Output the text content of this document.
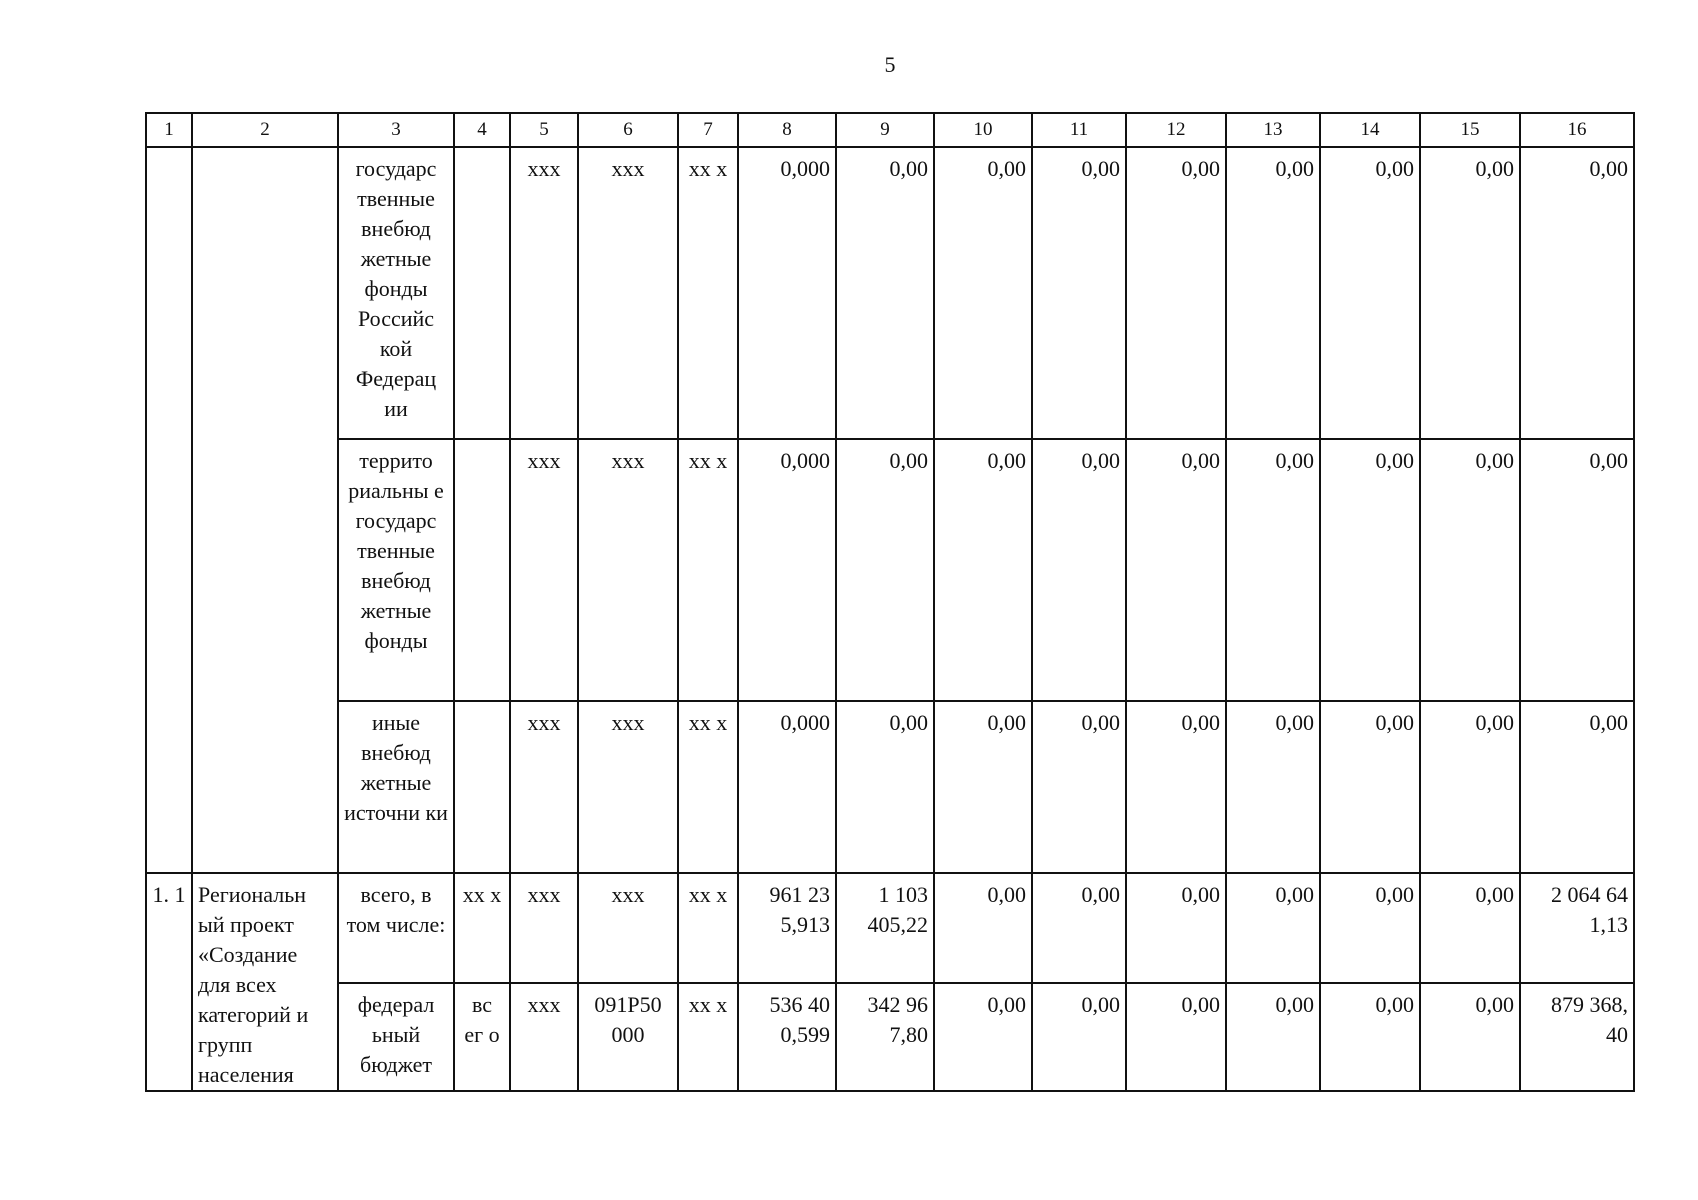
5
1	2	3	4	5	6	7	8	9	10	11	12	13	14	15	16
		государс твенные внебюд жетные фонды Российс кой Федерац ии		xxx	xxx	xx x	0,000	0,00	0,00	0,00	0,00	0,00	0,00	0,00	0,00
		террито риальны е государс твенные внебюд жетные фонды		xxx	xxx	xx x	0,000	0,00	0,00	0,00	0,00	0,00	0,00	0,00	0,00
		иные внебюд жетные источни ки		xxx	xxx	xx x	0,000	0,00	0,00	0,00	0,00	0,00	0,00	0,00	0,00
1. 1	Региональн ый проект «Создание для всех категорий и групп населения	всего, в том числе:	xx x	xxx	xxx	xx x	961 23 5,913	1 103 405,22	0,00	0,00	0,00	0,00	0,00	0,00	2 064 64 1,13
		федерал ьный бюджет	вс ег о	xxx	091P50 000	xx x	536 40 0,599	342 96 7,80	0,00	0,00	0,00	0,00	0,00	0,00	879 368, 40
